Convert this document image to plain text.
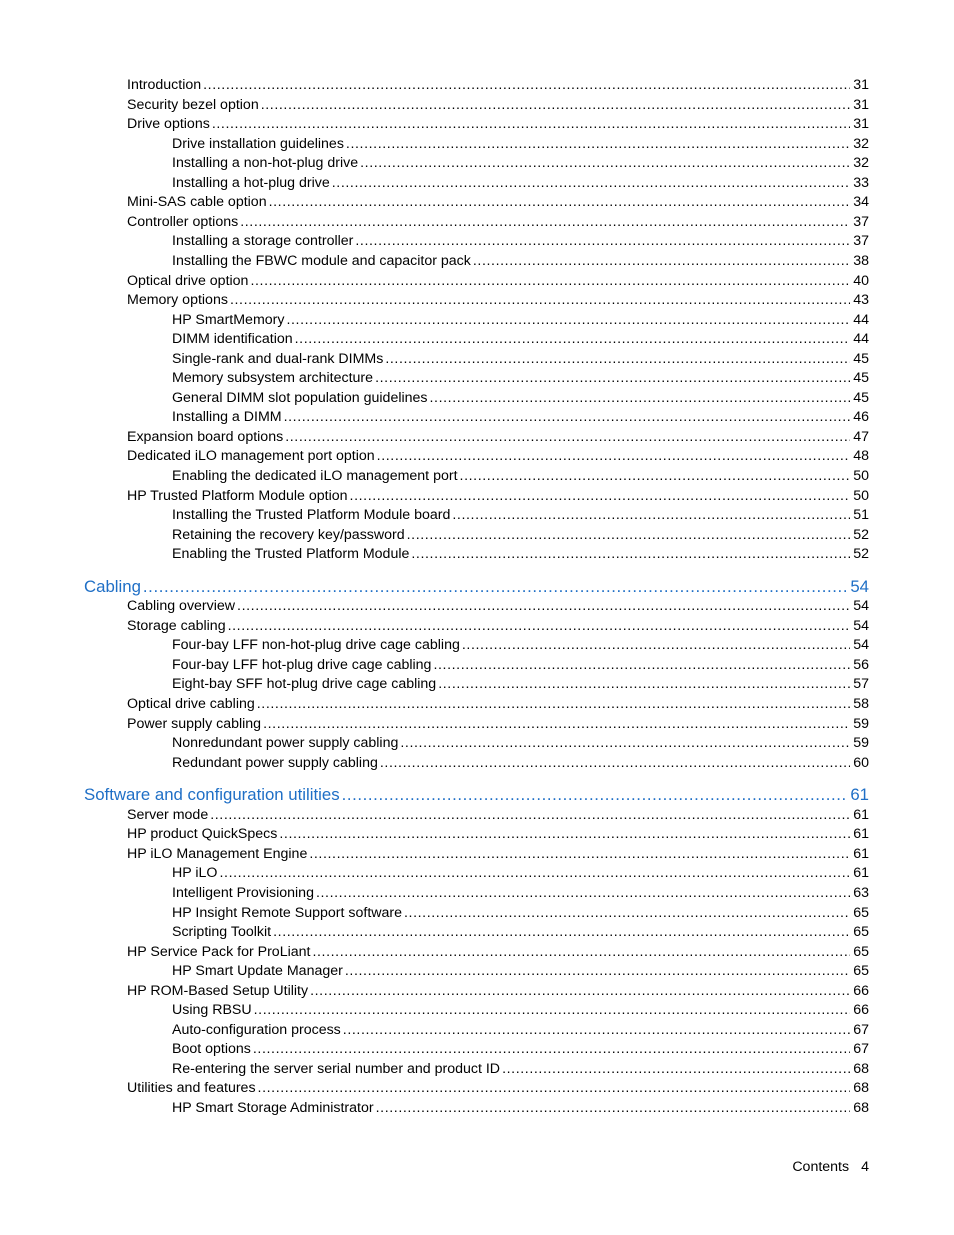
Introduction .....	31
Security bezel option .....	31
Drive options .....	31
Drive installation guidelines .....	32
Installing a non-hot-plug drive .....	32
Installing a hot-plug drive .....	33
Mini-SAS cable option .....	34
Controller options .....	37
Installing a storage controller .....	37
Installing the FBWC module and capacitor pack .....	38
Optical drive option .....	40
Memory options .....	43
HP SmartMemory .....	44
DIMM identification .....	44
Single-rank and dual-rank DIMMs .....	45
Memory subsystem architecture .....	45
General DIMM slot population guidelines .....	45
Installing a DIMM .....	46
Expansion board options .....	47
Dedicated iLO management port option .....	48
Enabling the dedicated iLO management port .....	50
HP Trusted Platform Module option .....	50
Installing the Trusted Platform Module board .....	51
Retaining the recovery key/password .....	52
Enabling the Trusted Platform Module .....	52
Cabling .....	54
Cabling overview .....	54
Storage cabling .....	54
Four-bay LFF non-hot-plug drive cage cabling .....	54
Four-bay LFF hot-plug drive cage cabling .....	56
Eight-bay SFF hot-plug drive cage cabling .....	57
Optical drive cabling .....	58
Power supply cabling .....	59
Nonredundant power supply cabling .....	59
Redundant power supply cabling .....	60
Software and configuration utilities .....	61
Server mode .....	61
HP product QuickSpecs .....	61
HP iLO Management Engine .....	61
HP iLO .....	61
Intelligent Provisioning .....	63
HP Insight Remote Support software .....	65
Scripting Toolkit .....	65
HP Service Pack for ProLiant .....	65
HP Smart Update Manager .....	65
HP ROM-Based Setup Utility .....	66
Using RBSU .....	66
Auto-configuration process .....	67
Boot options .....	67
Re-entering the server serial number and product ID .....	68
Utilities and features .....	68
HP Smart Storage Administrator .....	68
Contents 4
